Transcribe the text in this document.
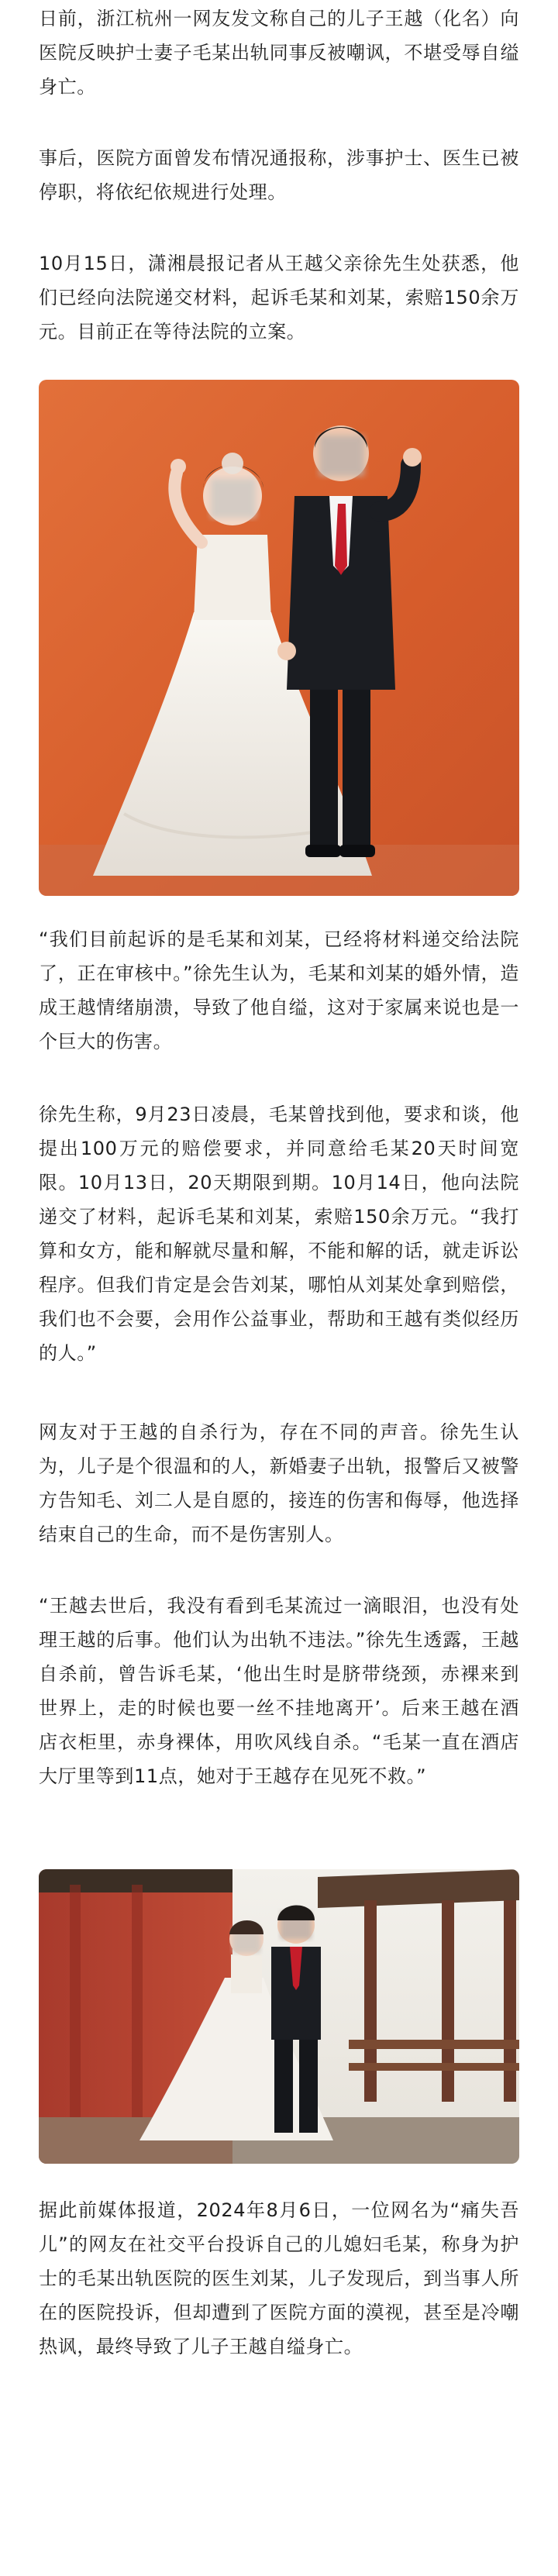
日前，浙江杭州一网友发文称自己的儿子王越（化名）向医院反映护士妻子毛某出轨同事反被嘲讽，不堪受辱自缢身亡。

事后，医院方面曾发布情况通报称，涉事护士、医生已被停职，将依纪依规进行处理。

10月15日，潇湘晨报记者从王越父亲徐先生处获悉，他们已经向法院递交材料，起诉毛某和刘某，索赔150余万元。目前正在等待法院的立案。

“我们目前起诉的是毛某和刘某，已经将材料递交给法院了，正在审核中。”徐先生认为，毛某和刘某的婚外情，造成王越情绪崩溃，导致了他自缢，这对于家属来说也是一个巨大的伤害。

徐先生称，9月23日凌晨，毛某曾找到他，要求和谈，他提出100万元的赔偿要求，并同意给毛某20天时间宽限。10月13日，20天期限到期。10月14日，他向法院递交了材料，起诉毛某和刘某，索赔150余万元。“我打算和女方，能和解就尽量和解，不能和解的话，就走诉讼程序。但我们肯定是会告刘某，哪怕从刘某处拿到赔偿，我们也不会要，会用作公益事业，帮助和王越有类似经历的人。”

网友对于王越的自杀行为，存在不同的声音。徐先生认为，儿子是个很温和的人，新婚妻子出轨，报警后又被警方告知毛、刘二人是自愿的，接连的伤害和侮辱，他选择结束自己的生命，而不是伤害别人。

“王越去世后，我没有看到毛某流过一滴眼泪，也没有处理王越的后事。他们认为出轨不违法。”徐先生透露，王越自杀前，曾告诉毛某，‘他出生时是脐带绕颈，赤裸来到世界上，走的时候也要一丝不挂地离开’。后来王越在酒店衣柜里，赤身裸体，用吹风线自杀。“毛某一直在酒店大厅里等到11点，她对于王越存在见死不救。”

据此前媒体报道，2024年8月6日，一位网名为“痛失吾儿”的网友在社交平台投诉自己的儿媳妇毛某，称身为护士的毛某出轨医院的医生刘某，儿子发现后，到当事人所在的医院投诉，但却遭到了医院方面的漠视，甚至是冷嘲热讽，最终导致了儿子王越自缢身亡。
